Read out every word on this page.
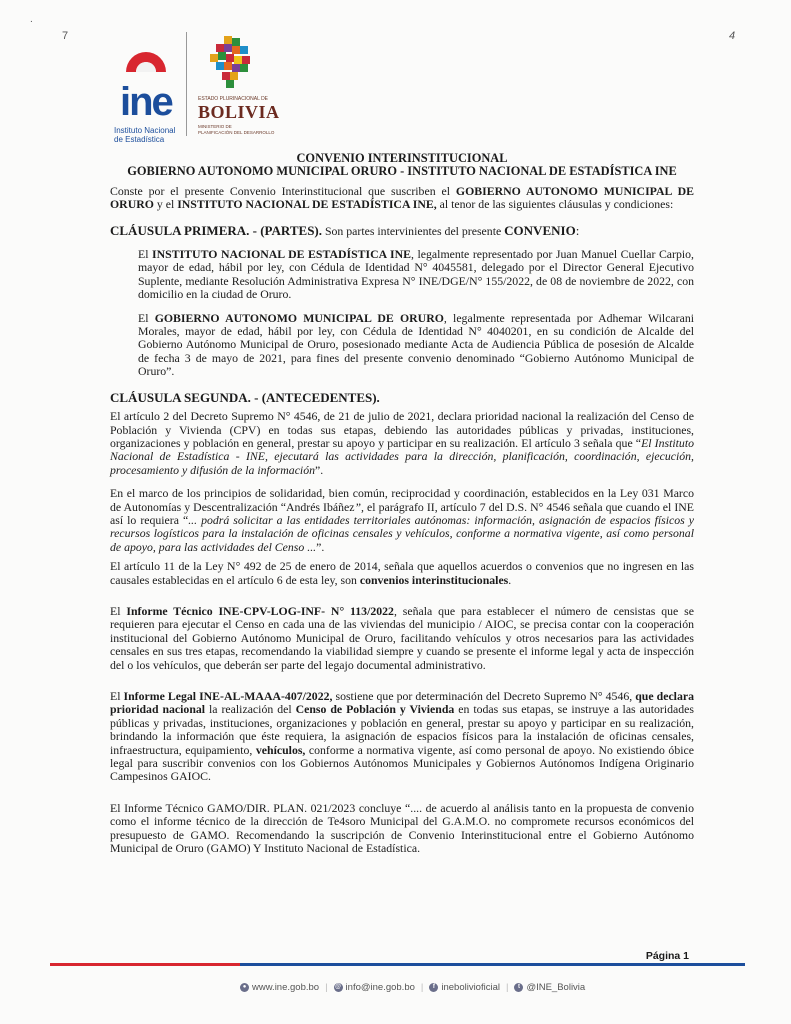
.
7	4
ine
Instituto Nacional
de Estadística
ESTADO PLURINACIONAL DE
BOLIVIA
MINISTERIO DE
PLANIFICACIÓN DEL DESARROLLO

CONVENIO INTERINSTITUCIONAL

GOBIERNO AUTONOMO MUNICIPAL ORURO - INSTITUTO NACIONAL DE ESTADÍSTICA INE

Conste por el presente Convenio Interinstitucional que suscriben el GOBIERNO AUTONOMO MUNICIPAL DE ORURO y el INSTITUTO NACIONAL DE ESTADÍSTICA INE, al tenor de las siguientes cláusulas y condiciones:

CLÁUSULA PRIMERA. - (PARTES). Son partes intervinientes del presente CONVENIO:

El INSTITUTO NACIONAL DE ESTADÍSTICA INE, legalmente representado por Juan Manuel Cuellar Carpio, mayor de edad, hábil por ley, con Cédula de Identidad N° 4045581, delegado por el Director General Ejecutivo Suplente, mediante Resolución Administrativa Expresa N° INE/DGE/N° 155/2022, de 08 de noviembre de 2022, con domicilio en la ciudad de Oruro.

El GOBIERNO AUTONOMO MUNICIPAL DE ORURO, legalmente representada por Adhemar Wilcarani Morales, mayor de edad, hábil por ley, con Cédula de Identidad N° 4040201, en su condición de Alcalde del Gobierno Autónomo Municipal de Oruro, posesionado mediante Acta de Audiencia Pública de posesión de Alcalde de fecha 3 de mayo de 2021, para fines del presente convenio denominado “Gobierno Autónomo Municipal de Oruro”.

CLÁUSULA SEGUNDA. - (ANTECEDENTES).

El artículo 2 del Decreto Supremo N° 4546, de 21 de julio de 2021, declara prioridad nacional la realización del Censo de Población y Vivienda (CPV) en todas sus etapas, debiendo las autoridades públicas y privadas, instituciones, organizaciones y población en general, prestar su apoyo y participar en su realización. El artículo 3 señala que “El Instituto Nacional de Estadística - INE, ejecutará las actividades para la dirección, planificación, coordinación, ejecución, procesamiento y difusión de la información”.

En el marco de los principios de solidaridad, bien común, reciprocidad y coordinación, establecidos en la Ley 031 Marco de Autonomías y Descentralización “Andrés Ibáñez”, el parágrafo II, artículo 7 del D.S. N° 4546 señala que cuando el INE así lo requiera “... podrá solicitar a las entidades territoriales autónomas: información, asignación de espacios físicos y recursos logísticos para la instalación de oficinas censales y vehículos, conforme a normativa vigente, así como personal de apoyo, para las actividades del Censo ...”.

El artículo 11 de la Ley N° 492 de 25 de enero de 2014, señala que aquellos acuerdos o convenios que no ingresen en las causales establecidas en el artículo 6 de esta ley, son convenios interinstitucionales.

El Informe Técnico INE-CPV-LOG-INF- N° 113/2022, señala que para establecer el número de censistas que se requieren para ejecutar el Censo en cada una de las viviendas del municipio / AIOC, se precisa contar con la cooperación institucional del Gobierno Autónomo Municipal de Oruro, facilitando vehículos y otros necesarios para las actividades censales en sus tres etapas, recomendando la viabilidad siempre y cuando se presente el informe legal y acta de inspección del o los vehículos, que deberán ser parte del legajo documental administrativo.

El Informe Legal INE-AL-MAAA-407/2022, sostiene que por determinación del Decreto Supremo N° 4546, que declara prioridad nacional la realización del Censo de Población y Vivienda en todas sus etapas, se instruye a las autoridades públicas y privadas, instituciones, organizaciones y población en general, prestar su apoyo y participar en su realización, brindando la información que éste requiera, la asignación de espacios físicos para la instalación de oficinas censales, infraestructura, equipamiento, vehículos, conforme a normativa vigente, así como personal de apoyo. No existiendo óbice legal para suscribir convenios con los Gobiernos Autónomos Municipales y Gobiernos Autónomos Indígena Originario Campesinos GAIOC.

El Informe Técnico GAMO/DIR. PLAN. 021/2023 concluye “.... de acuerdo al análisis tanto en la propuesta de convenio como el informe técnico de la dirección de Te4soro Municipal del G.A.M.O. no compromete recursos económicos del presupuesto de GAMO. Recomendando la suscripción de Convenio Interinstitucional entre el Gobierno Autónomo Municipal de Oruro (GAMO) Y Instituto Nacional de Estadística.

Página 1
● www.ine.gob.bo | @ info@ine.gob.bo |	f inebolivioficial |	t @INE_Bolivia
